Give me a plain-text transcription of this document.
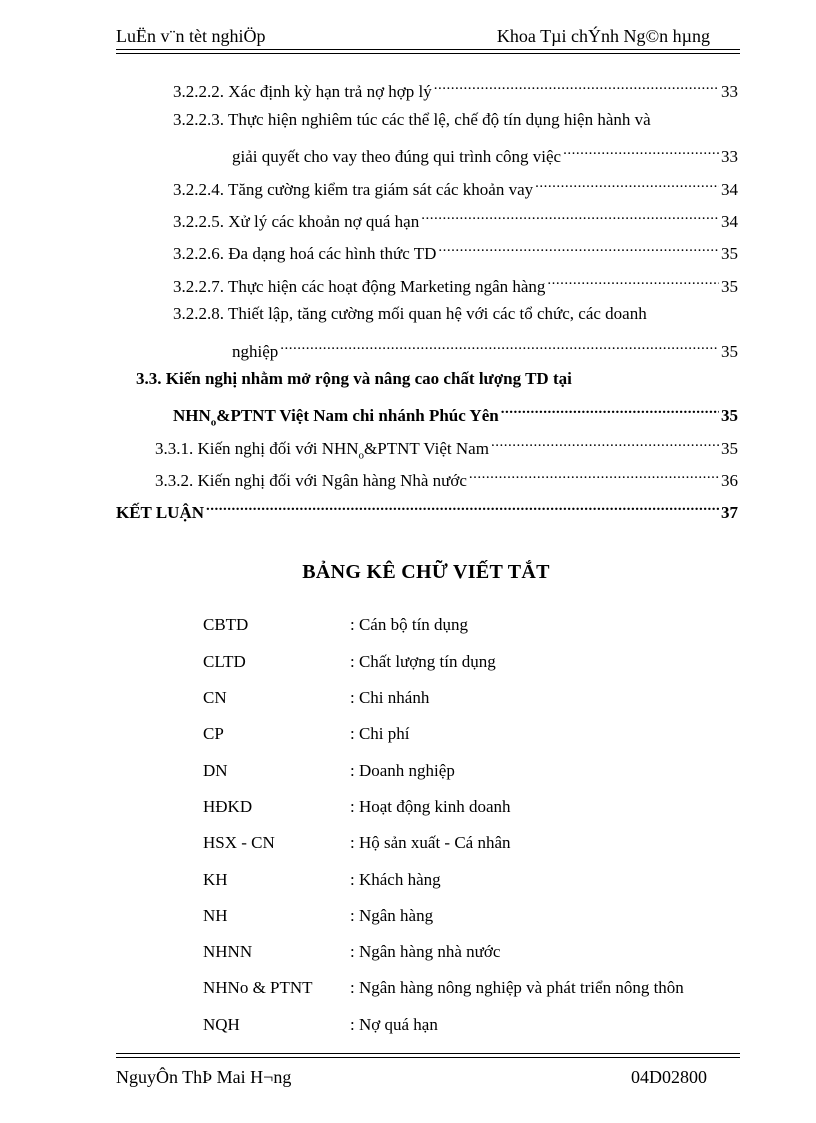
LuËn v¨n tèt nghiÖp	Khoa Tµi chÝnh Ng©n hµng
3.2.2.2. Xác định kỳ hạn trả nợ hợp lý .....	33
3.2.2.3. Thực hiện nghiêm túc các thể lệ, chế độ tín dụng hiện hành và
giải quyết cho vay theo đúng qui trình công việc .....	33
3.2.2.4. Tăng cường kiểm tra giám sát các khoản vay .....	34
3.2.2.5. Xử lý các khoản nợ quá hạn .....	34
3.2.2.6. Đa dạng hoá các hình thức TD .....	35
3.2.2.7. Thực hiện các hoạt động Marketing ngân hàng .....	35
3.2.2.8. Thiết lập, tăng cường mối quan hệ với các tổ chức, các doanh
nghiệp .....	35
3.3. Kiến nghị nhằm mở rộng và nâng cao chất lượng TD tại
$NHN_o\&PTNT$ Việt Nam chi nhánh Phúc Yên .....	35
3.3.1. Kiến nghị đối với $NHN_o\&PTNT$ Việt Nam .....	35
3.3.2. Kiến nghị đối với Ngân hàng Nhà nước .....	36
KẾT LUẬN .....	37
BẢNG KÊ CHỮ VIẾT TẮT
CBTD	: Cán bộ tín dụng
CLTD	: Chất lượng tín dụng
CN	: Chi nhánh
CP	: Chi phí
DN	: Doanh nghiệp
HĐKD	: Hoạt động kinh doanh
HSX - CN	: Hộ sản xuất - Cá nhân
KH	: Khách hàng
NH	: Ngân hàng
NHNN	: Ngân hàng nhà nước
NHNo & PTNT : Ngân hàng nông nghiệp và phát triển nông thôn
NQH	: Nợ quá hạn
NguyÔn ThÞ Mai H¬ng	04D02800
